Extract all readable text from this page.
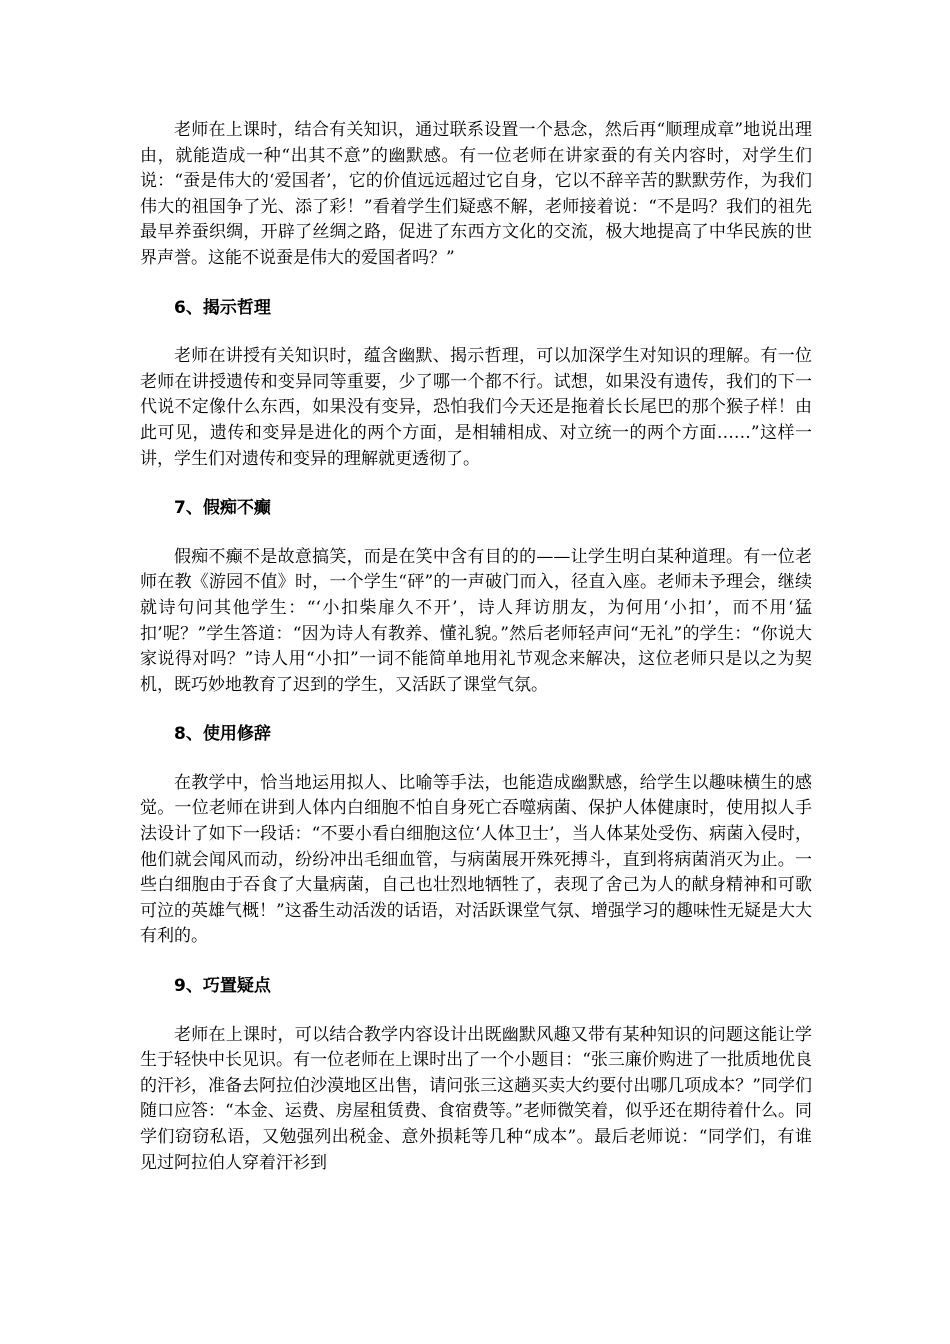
老师在上课时，结合有关知识，通过联系设置一个悬念，然后再“顺理成章”地说出理由，就能造成一种“出其不意”的幽默感。有一位老师在讲家蚕的有关内容时，对学生们说：“蚕是伟大的‘爱国者’，它的价值远远超过它自身，它以不辞辛苦的默默劳作，为我们伟大的祖国争了光、添了彩！”看着学生们疑惑不解，老师接着说：“不是吗？我们的祖先最早养蚕织绸，开辟了丝绸之路，促进了东西方文化的交流，极大地提高了中华民族的世界声誉。这能不说蚕是伟大的爱国者吗？”

6、揭示哲理

老师在讲授有关知识时，蕴含幽默、揭示哲理，可以加深学生对知识的理解。有一位老师在讲授遗传和变异同等重要，少了哪一个都不行。试想，如果没有遗传，我们的下一代说不定像什么东西，如果没有变异，恐怕我们今天还是拖着长长尾巴的那个猴子样！由此可见，遗传和变异是进化的两个方面，是相辅相成、对立统一的两个方面……”这样一讲，学生们对遗传和变异的理解就更透彻了。

7、假痴不癫

假痴不癫不是故意搞笑，而是在笑中含有目的的——让学生明白某种道理。有一位老师在教《游园不值》时，一个学生“砰”的一声破门而入，径直入座。老师未予理会，继续就诗句问其他学生：“‘小扣柴扉久不开’，诗人拜访朋友，为何用‘小扣’，而不用‘猛扣’呢？”学生答道：“因为诗人有教养、懂礼貌。”然后老师轻声问“无礼”的学生：“你说大家说得对吗？”诗人用“小扣”一词不能简单地用礼节观念来解决，这位老师只是以之为契机，既巧妙地教育了迟到的学生，又活跃了课堂气氛。

8、使用修辞

在教学中，恰当地运用拟人、比喻等手法，也能造成幽默感，给学生以趣味横生的感觉。一位老师在讲到人体内白细胞不怕自身死亡吞噬病菌、保护人体健康时，使用拟人手法设计了如下一段话：“不要小看白细胞这位‘人体卫士’，当人体某处受伤、病菌入侵时，他们就会闻风而动，纷纷冲出毛细血管，与病菌展开殊死搏斗，直到将病菌消灭为止。一些白细胞由于吞食了大量病菌，自己也壮烈地牺牲了，表现了舍己为人的献身精神和可歌可泣的英雄气概！”这番生动活泼的话语，对活跃课堂气氛、增强学习的趣味性无疑是大大有利的。

9、巧置疑点

老师在上课时，可以结合教学内容设计出既幽默风趣又带有某种知识的问题这能让学生于轻快中长见识。有一位老师在上课时出了一个小题目：“张三廉价购进了一批质地优良的汗衫，准备去阿拉伯沙漠地区出售，请问张三这趟买卖大约要付出哪几项成本？”同学们随口应答：“本金、运费、房屋租赁费、食宿费等。”老师微笑着，似乎还在期待着什么。同学们窃窃私语，又勉强列出税金、意外损耗等几种“成本”。最后老师说：“同学们，有谁见过阿拉伯人穿着汗衫到
